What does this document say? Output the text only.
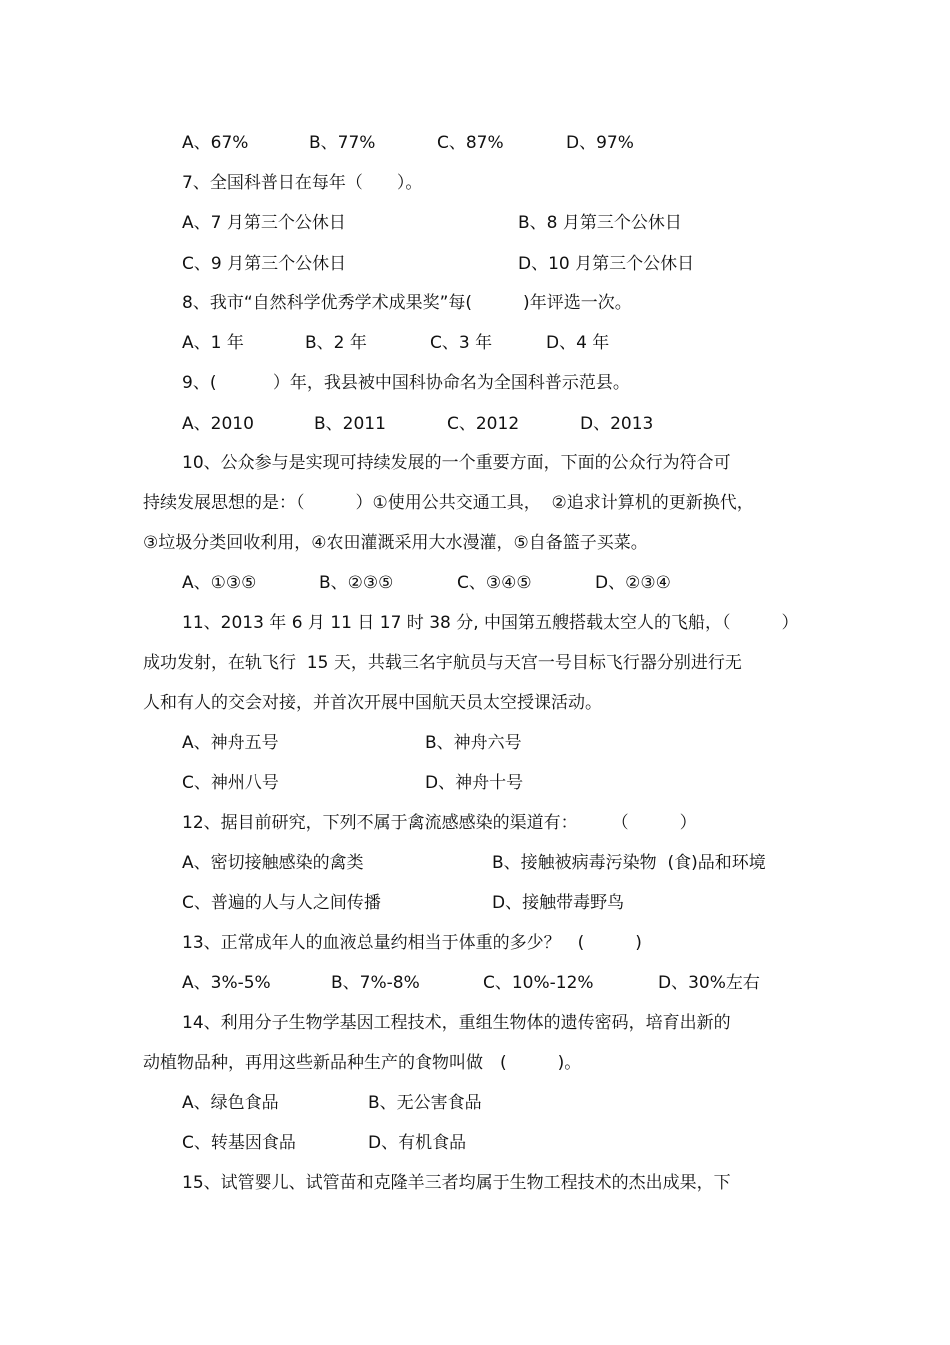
A、67%	B、77%	C、87%	D、97%
7、全国科普日在每年（　　）。
A、7 月第三个公休日	B、8 月第三个公休日
C、9 月第三个公休日	D、10 月第三个公休日
8、我市“自然科学优秀学术成果奖”每(　　　)年评选一次。
A、1 年	B、2 年	C、3 年	D、4 年
9、(　　　 ）年，我县被中国科协命名为全国科普示范县。
A、2010	B、2011	C、2012	D、2013
10、公众参与是实现可持续发展的一个重要方面，下面的公众行为符合可
持续发展思想的是：（　　　）①使用公共交通工具，  ②追求计算机的更新换代，
③垃圾分类回收利用，④农田灌溉采用大水漫灌，⑤自备篮子买菜。
A、①③⑤	B、②③⑤	C、③④⑤	D、②③④
11、2013 年 6 月 11 日 17 时 38 分, 中国第五艘搭载太空人的飞船，（　　　）
成功发射，在轨飞行  15 天，共载三名宇航员与天宫一号目标飞行器分别进行无
人和有人的交会对接，并首次开展中国航天员太空授课活动。
A、神舟五号	B、神舟六号
C、神州八号	D、神舟十号
12、据目前研究，下列不属于禽流感感染的渠道有：　　　（　　　）
A、密切接触感染的禽类	B、接触被病毒污染物  (食)品和环境
C、普遍的人与人之间传播	D、接触带毒野鸟
13、正常成年人的血液总量约相当于体重的多少？　(　　　)
A、3%-5%	B、7%-8%	C、10%-12%	D、30%左右
14、利用分子生物学基因工程技术，重组生物体的遗传密码，培育出新的
动植物品种，再用这些新品种生产的食物叫做　(　　　)。
A、绿色食品	B、无公害食品
C、转基因食品	D、有机食品
15、试管婴儿、试管苗和克隆羊三者均属于生物工程技术的杰出成果，下
